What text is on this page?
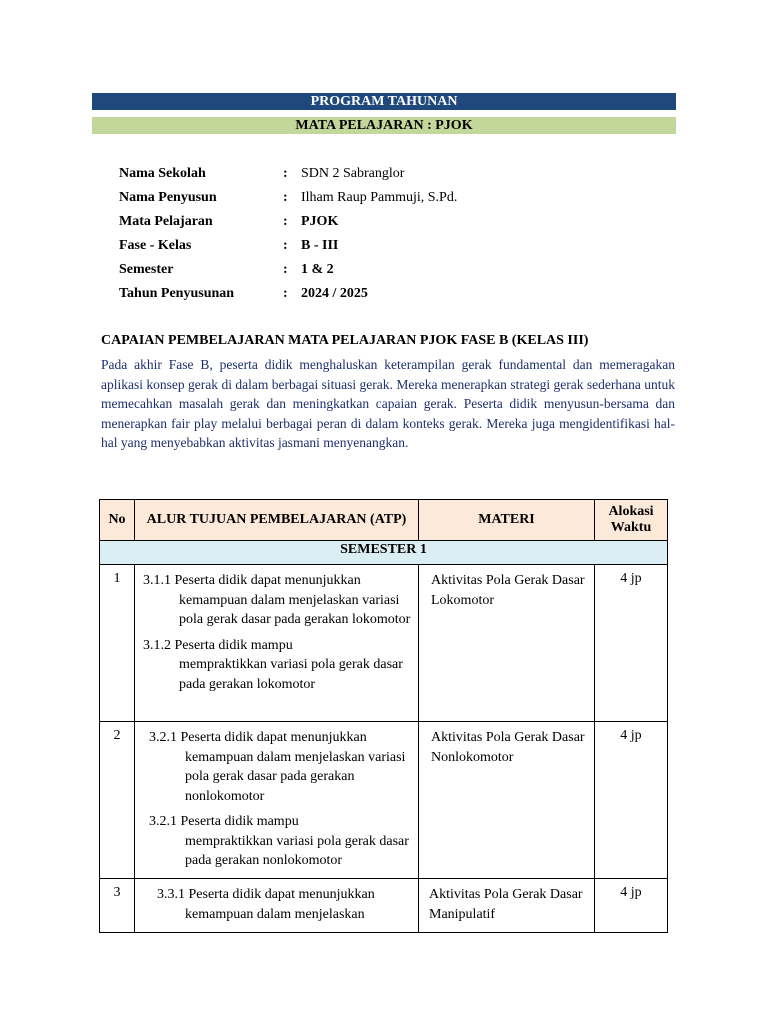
PROGRAM TAHUNAN
MATA PELAJARAN : PJOK
Nama Sekolah	: SDN 2 Sabranglor
Nama Penyusun	: Ilham Raup Pammuji, S.Pd.
Mata Pelajaran	: PJOK
Fase - Kelas	: B - III
Semester	: 1 & 2
Tahun Penyusunan	: 2024 / 2025
CAPAIAN PEMBELAJARAN MATA PELAJARAN PJOK FASE B (KELAS III)
Pada akhir Fase B, peserta didik menghaluskan keterampilan gerak fundamental dan memeragakan aplikasi konsep gerak di dalam berbagai situasi gerak. Mereka menerapkan strategi gerak sederhana untuk memecahkan masalah gerak dan meningkatkan capaian gerak. Peserta didik menyusun-bersama dan menerapkan fair play melalui berbagai peran di dalam konteks gerak. Mereka juga mengidentifikasi hal-hal yang menyebabkan aktivitas jasmani menyenangkan.
No	ALUR TUJUAN PEMBELAJARAN (ATP)	MATERI	Alokasi Waktu
SEMESTER 1			
1	3.1.1 Peserta didik dapat menunjukkan
kemampuan dalam menjelaskan variasi pola gerak dasar pada gerakan lokomotor
3.1.2 Peserta didik mampu
mempraktikkan variasi pola gerak dasar pada gerakan lokomotor	Aktivitas Pola Gerak Dasar Lokomotor	4 jp
2	3.2.1 Peserta didik dapat menunjukkan
kemampuan dalam menjelaskan variasi pola gerak dasar pada gerakan nonlokomotor
3.2.1 Peserta didik mampu
mempraktikkan variasi pola gerak dasar pada gerakan nonlokomotor	Aktivitas Pola Gerak Dasar Nonlokomotor	4 jp
3	3.3.1 Peserta didik dapat menunjukkan
kemampuan dalam menjelaskan	Aktivitas Pola Gerak Dasar Manipulatif	4 jp
